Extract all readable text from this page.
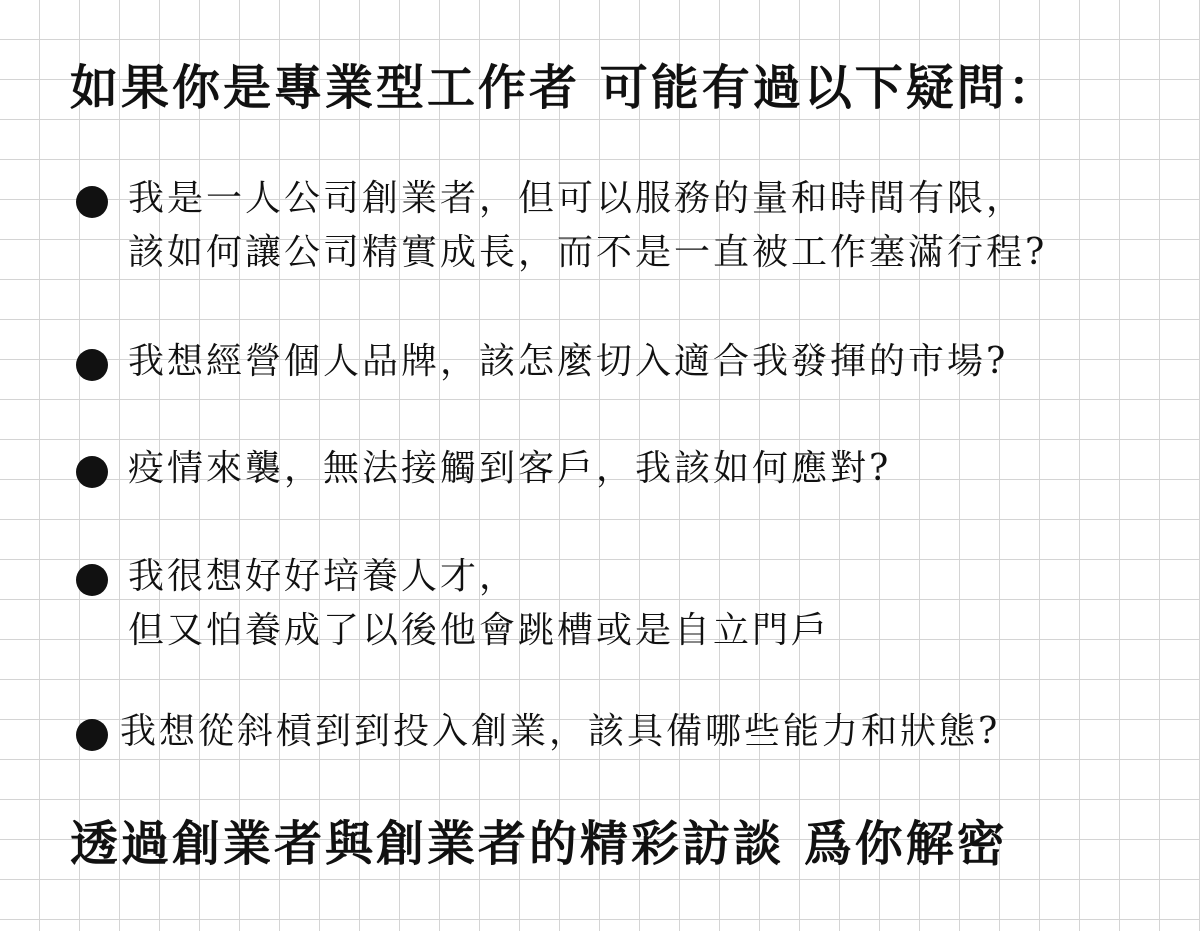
如果你是專業型工作者 可能有過以下疑問：
我是一人公司創業者，但可以服務的量和時間有限，
該如何讓公司精實成長，而不是一直被工作塞滿行程?
我想經營個人品牌，該怎麼切入適合我發揮的市場?
疫情來襲，無法接觸到客戶，我該如何應對?
我很想好好培養人才，
但又怕養成了以後他會跳槽或是自立門戶
我想從斜槓到到投入創業，該具備哪些能力和狀態?
透過創業者與創業者的精彩訪談 爲你解密
